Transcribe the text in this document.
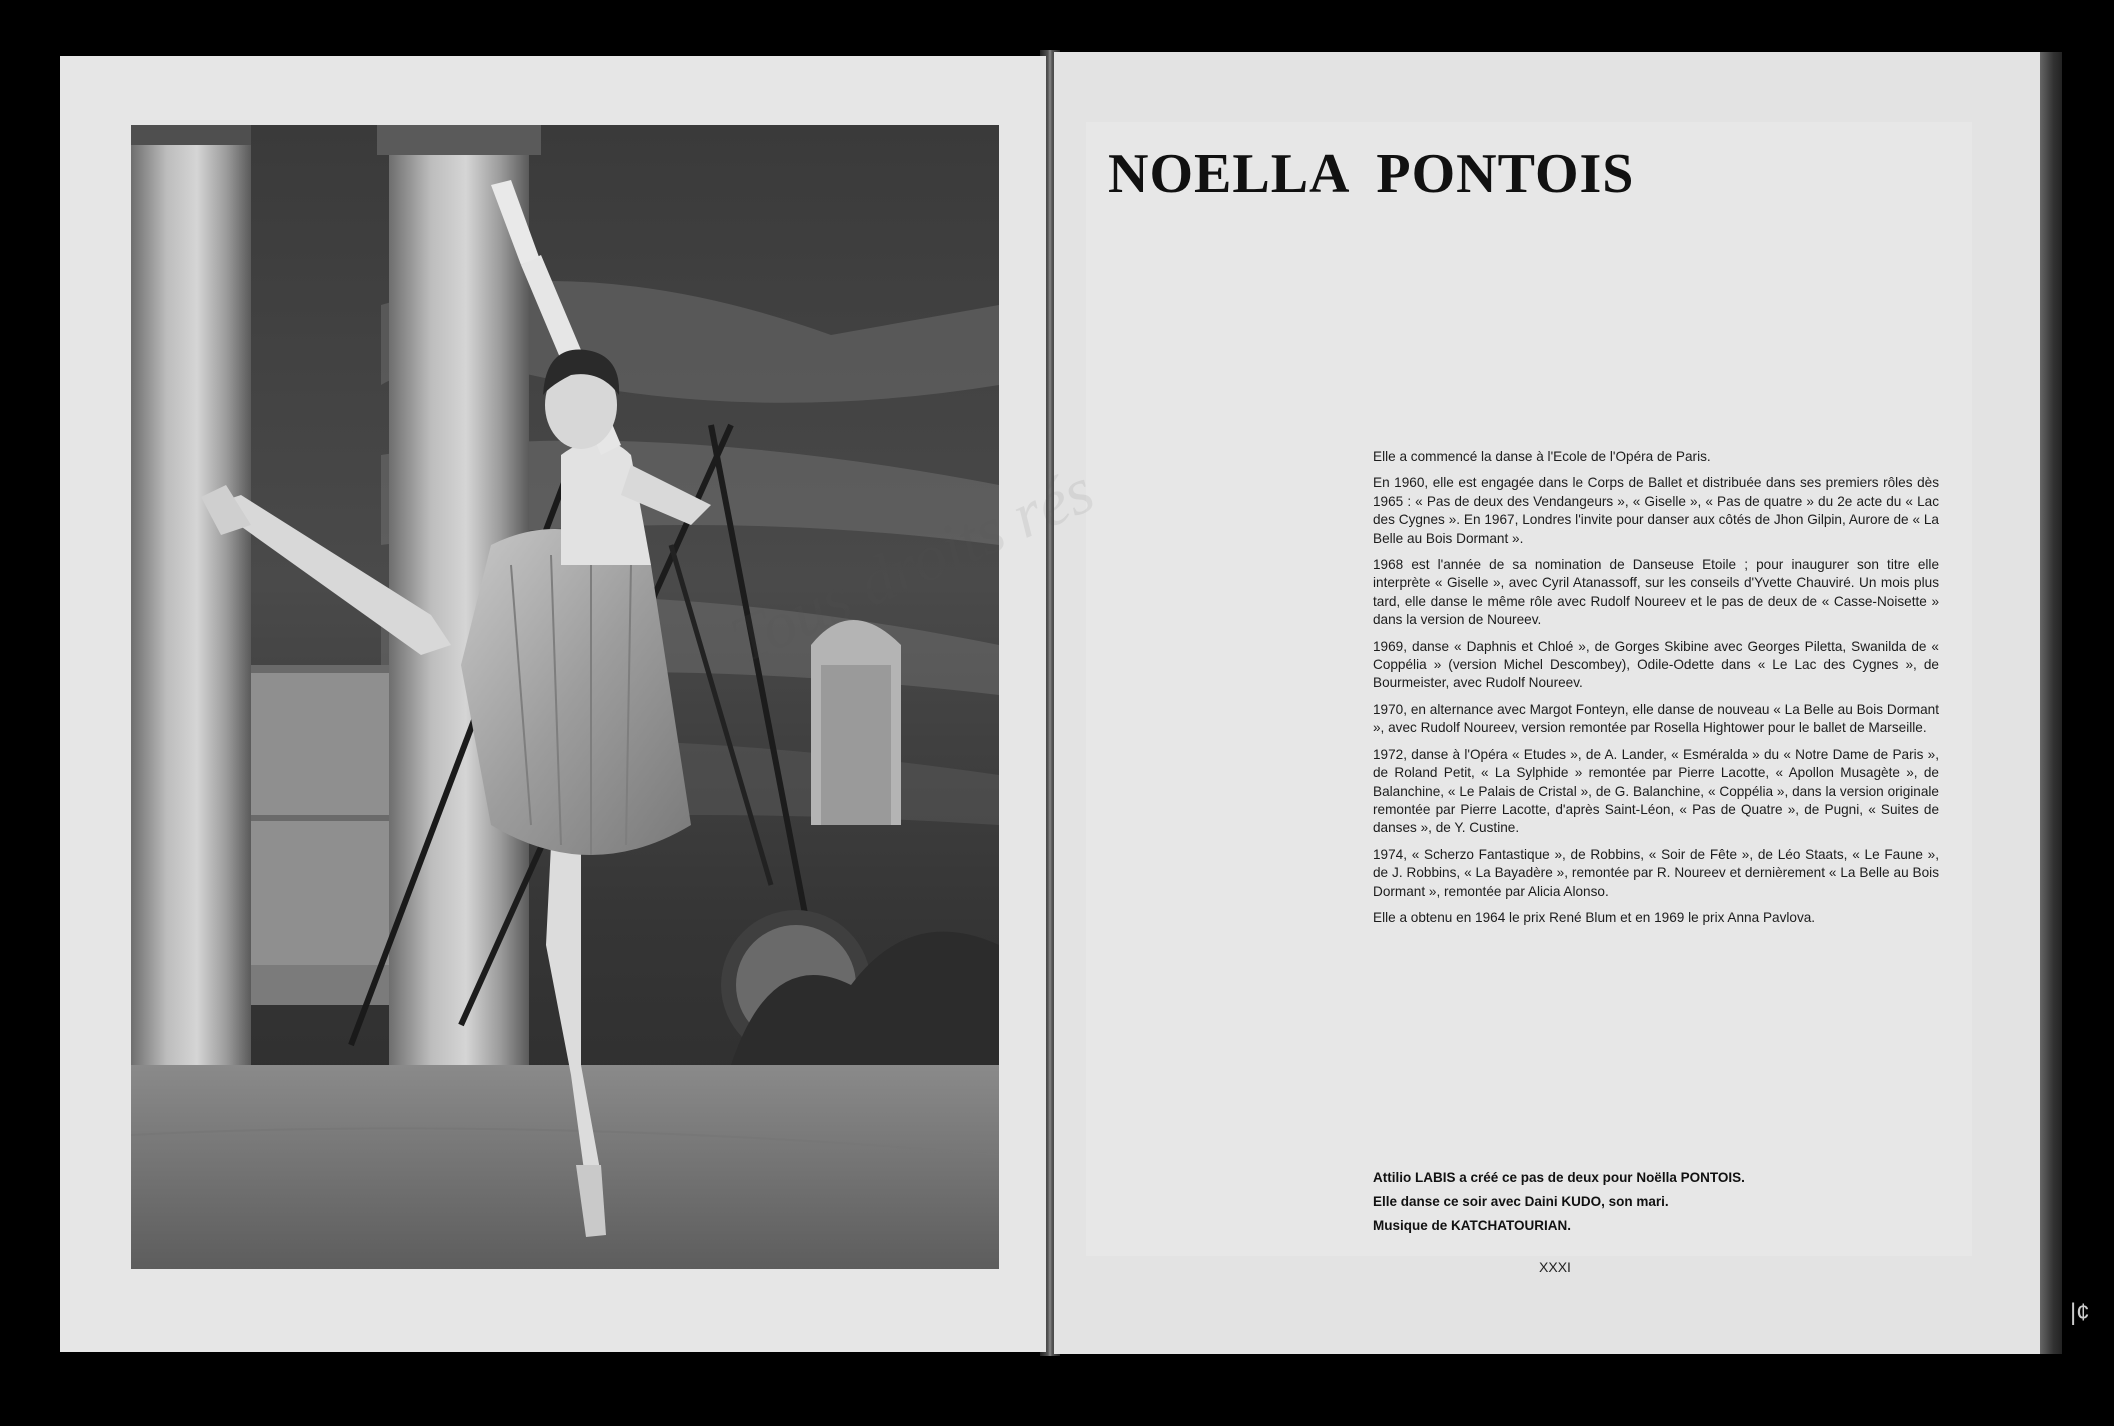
NOELLA PONTOIS

Elle a commencé la danse à l'Ecole de l'Opéra de Paris.

En 1960, elle est engagée dans le Corps de Ballet et distribuée dans ses premiers rôles dès 1965 : « Pas de deux des Vendangeurs », « Giselle », « Pas de quatre » du 2e acte du « Lac des Cygnes ». En 1967, Londres l'invite pour danser aux côtés de Jhon Gilpin, Aurore de « La Belle au Bois Dormant ».

1968 est l'année de sa nomination de Danseuse Etoile ; pour inaugurer son titre elle interprète « Giselle », avec Cyril Atanassoff, sur les conseils d'Yvette Chauviré. Un mois plus tard, elle danse le même rôle avec Rudolf Noureev et le pas de deux de « Casse-Noisette » dans la version de Noureev.

1969, danse « Daphnis et Chloé », de Gorges Skibine avec Georges Piletta, Swanilda de « Coppélia » (version Michel Descombey), Odile-Odette dans « Le Lac des Cygnes », de Bourmeister, avec Rudolf Noureev.

1970, en alternance avec Margot Fonteyn, elle danse de nouveau « La Belle au Bois Dormant », avec Rudolf Noureev, version remontée par Rosella Hightower pour le ballet de Marseille.

1972, danse à l'Opéra « Etudes », de A. Lander, « Esméralda » du « Notre Dame de Paris », de Roland Petit, « La Sylphide » remontée par Pierre Lacotte, « Apollon Musagète », de Balanchine, « Le Palais de Cristal », de G. Balanchine, « Coppélia », dans la version originale remontée par Pierre Lacotte, d'après Saint-Léon, « Pas de Quatre », de Pugni, « Suites de danses », de Y. Custine.

1974, « Scherzo Fantastique », de Robbins, « Soir de Fête », de Léo Staats, « Le Faune », de J. Robbins, « La Bayadère », remontée par R. Noureev et dernièrement « La Belle au Bois Dormant », remontée par Alicia Alonso.

Elle a obtenu en 1964 le prix René Blum et en 1969 le prix Anna Pavlova.

Attilio LABIS a créé ce pas de deux pour Noëlla PONTOIS.
Elle danse ce soir avec Daini KUDO, son mari.
Musique de KATCHATOURIAN.
XXXI
|¢
